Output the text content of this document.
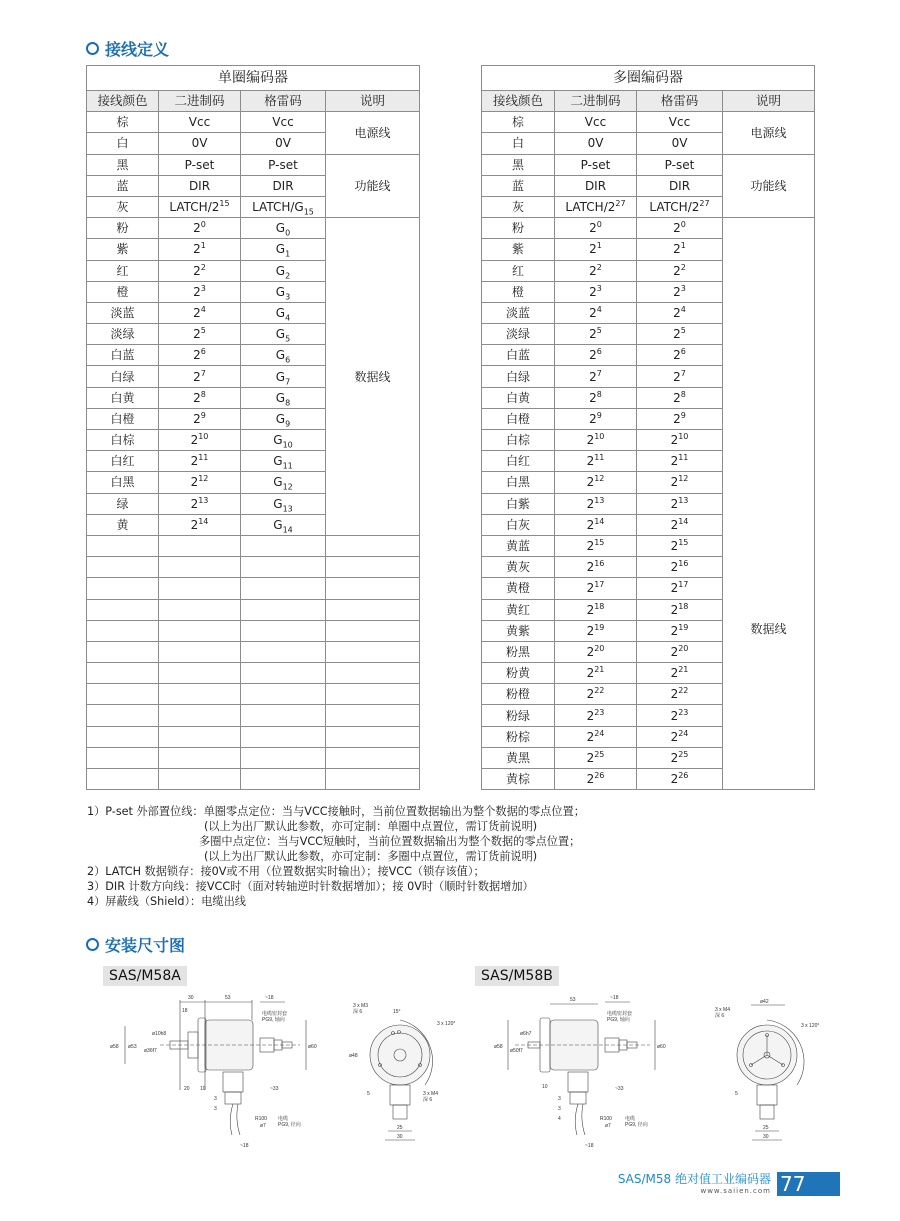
接线定义
单圈编码器			
接线颜色	二进制码	格雷码	说明
棕	Vcc	Vcc	电源线
白	0V	0V	
黑	P-set	P-set	功能线
蓝	DIR	DIR	
灰	LATCH/$2^{15}$	LATCH/$G_{15}$
粉	$2^0$	$G_0$	数据线
紫	$2^1$	$G_1$
红	$2^2$	$G_2$
橙	$2^3$	$G_3$
淡蓝	$2^4$	$G_4$
淡绿	$2^5$	$G_5$
白蓝	$2^6$	$G_6$
白绿	$2^7$	$G_7$
白黄	$2^8$	$G_8$
白橙	$2^9$	$G_9$
白棕	$2^{10}$	$G_{10}$
白红	$2^{11}$	$G_{11}$
白黑	$2^{12}$	$G_{12}$
绿	$2^{13}$	$G_{13}$
黄	$2^{14}$	$G_{14}$

多圈编码器			
接线颜色	二进制码	格雷码	说明
棕	Vcc	Vcc	电源线
白	0V	0V	
黑	P-set	P-set	功能线
蓝	DIR	DIR	
灰	LATCH/$2^{27}$	LATCH/$2^{27}$
粉	$2^0$	$2^0$	数据线
紫	$2^1$	$2^1$
红	$2^2$	$2^2$
橙	$2^3$	$2^3$
淡蓝	$2^4$	$2^4$
淡绿	$2^5$	$2^5$
白蓝	$2^6$	$2^6$
白绿	$2^7$	$2^7$
白黄	$2^8$	$2^8$
白橙	$2^9$	$2^9$
白棕	$2^{10}$	$2^{10}$
白红	$2^{11}$	$2^{11}$
白黑	$2^{12}$	$2^{12}$
白紫	$2^{13}$	$2^{13}$
白灰	$2^{14}$	$2^{14}$
黄蓝	$2^{15}$	$2^{15}$
黄灰	$2^{16}$	$2^{16}$
黄橙	$2^{17}$	$2^{17}$
黄红	$2^{18}$	$2^{18}$
黄紫	$2^{19}$	$2^{19}$
粉黑	$2^{20}$	$2^{20}$
粉黄	$2^{21}$	$2^{21}$
粉橙	$2^{22}$	$2^{22}$
粉绿	$2^{23}$	$2^{23}$
粉棕	$2^{24}$	$2^{24}$
黄黑	$2^{25}$	$2^{25}$
黄棕	$2^{26}$	$2^{26}$
1）P-set 外部置位线：单圈零点定位：当与VCC接触时，当前位置数据输出为整个数据的零点位置；
(以上为出厂默认此参数，亦可定制：单圈中点置位，需订货前说明)
多圈中点定位：当与VCC短触时，当前位置数据输出为整个数据的零点位置；
(以上为出厂默认此参数，亦可定制：多圈中点置位，需订货前说明)
2）LATCH 数据锁存：接0V或不用（位置数据实时输出）；接VCC（锁存该值）；
3）DIR 计数方向线：接VCC时（面对转轴逆时针数据增加）；接 0V时（顺时针数据增加）
4）屏蔽线（Shield）：电缆出线
安装尺寸图
SAS/M58A	SAS/M58B
30	53	~18
18	电缆密封套
PG9, 轴向
ø58 ø53
ø36f7
ø10h8
ø60
20 10
3
3
~33
R100
ø7
电缆
PG9, 径向
~18
3 x M3
深 6	15°
3 x 120°
ø48
3 x M4
深 6
5
25
30
53	~18
电缆密封套
PG9, 轴向
ø58
ø50f7
ø6h7
ø60
10
3
3
4
~33
R100
ø7
电缆
PG9, 径向
~18
ø42
3 x M4
深 6
3 x 120°
5
25
30
SAS/M58 绝对值工业编码器
www.saiien.com 77
